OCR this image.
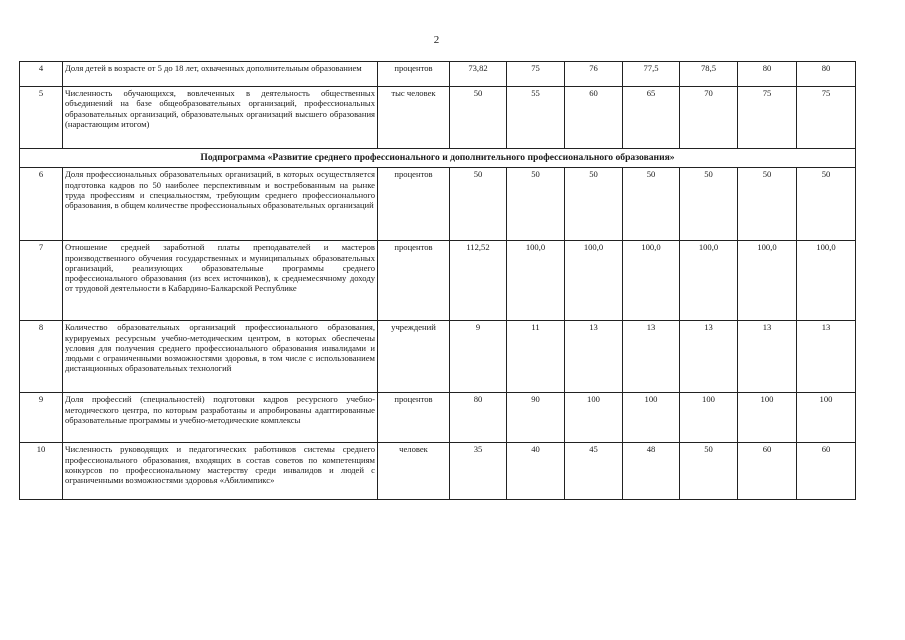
2
4	Доля детей в возрасте от 5 до 18 лет, охваченных дополнительным образованием	процентов	73,82	75	76	77,5	78,5	80	80
5	Численность обучающихся, вовлеченных в деятельность общественных объединений на базе общеобразовательных организаций, профессиональных образовательных организаций, образовательных организаций высшего образования (нарастающим итогом)	тыс человек	50	55	60	65	70	75	75
Подпрограмма «Развитие среднего профессионального и дополнительного профессионального образования»									
6	Доля профессиональных образовательных организаций, в которых осуществляется подготовка кадров по 50 наиболее перспективным и востребованным на рынке труда профессиям и специальностям, требующим среднего профессионального образования, в общем количестве профессиональных образовательных организаций	процентов	50	50	50	50	50	50	50
7	Отношение средней заработной платы преподавателей и мастеров производственного обучения государственных и муниципальных образовательных организаций, реализующих образовательные программы среднего профессионального образования (из всех источников), к среднемесячному доходу от трудовой деятельности в Кабардино-Балкарской Республике	процентов	112,52	100,0	100,0	100,0	100,0	100,0	100,0
8	Количество образовательных организаций профессионального образования, курируемых ресурсным учебно-методическим центром, в которых обеспечены условия для получения среднего профессионального образования инвалидами и людьми с ограниченными возможностями здоровья, в том числе с использованием дистанционных образовательных технологий	учреждений	9	11	13	13	13	13	13
9	Доля профессий (специальностей) подготовки кадров ресурсного учебно-методического центра, по которым разработаны и апробированы адаптированные образовательные программы и учебно-методические комплексы	процентов	80	90	100	100	100	100	100
10	Численность руководящих и педагогических работников системы среднего профессионального образования, входящих в состав советов по компетенциям конкурсов по профессиональному мастерству среди инвалидов и людей с ограниченными возможностями здоровья «Абилимпикс»	человек	35	40	45	48	50	60	60
